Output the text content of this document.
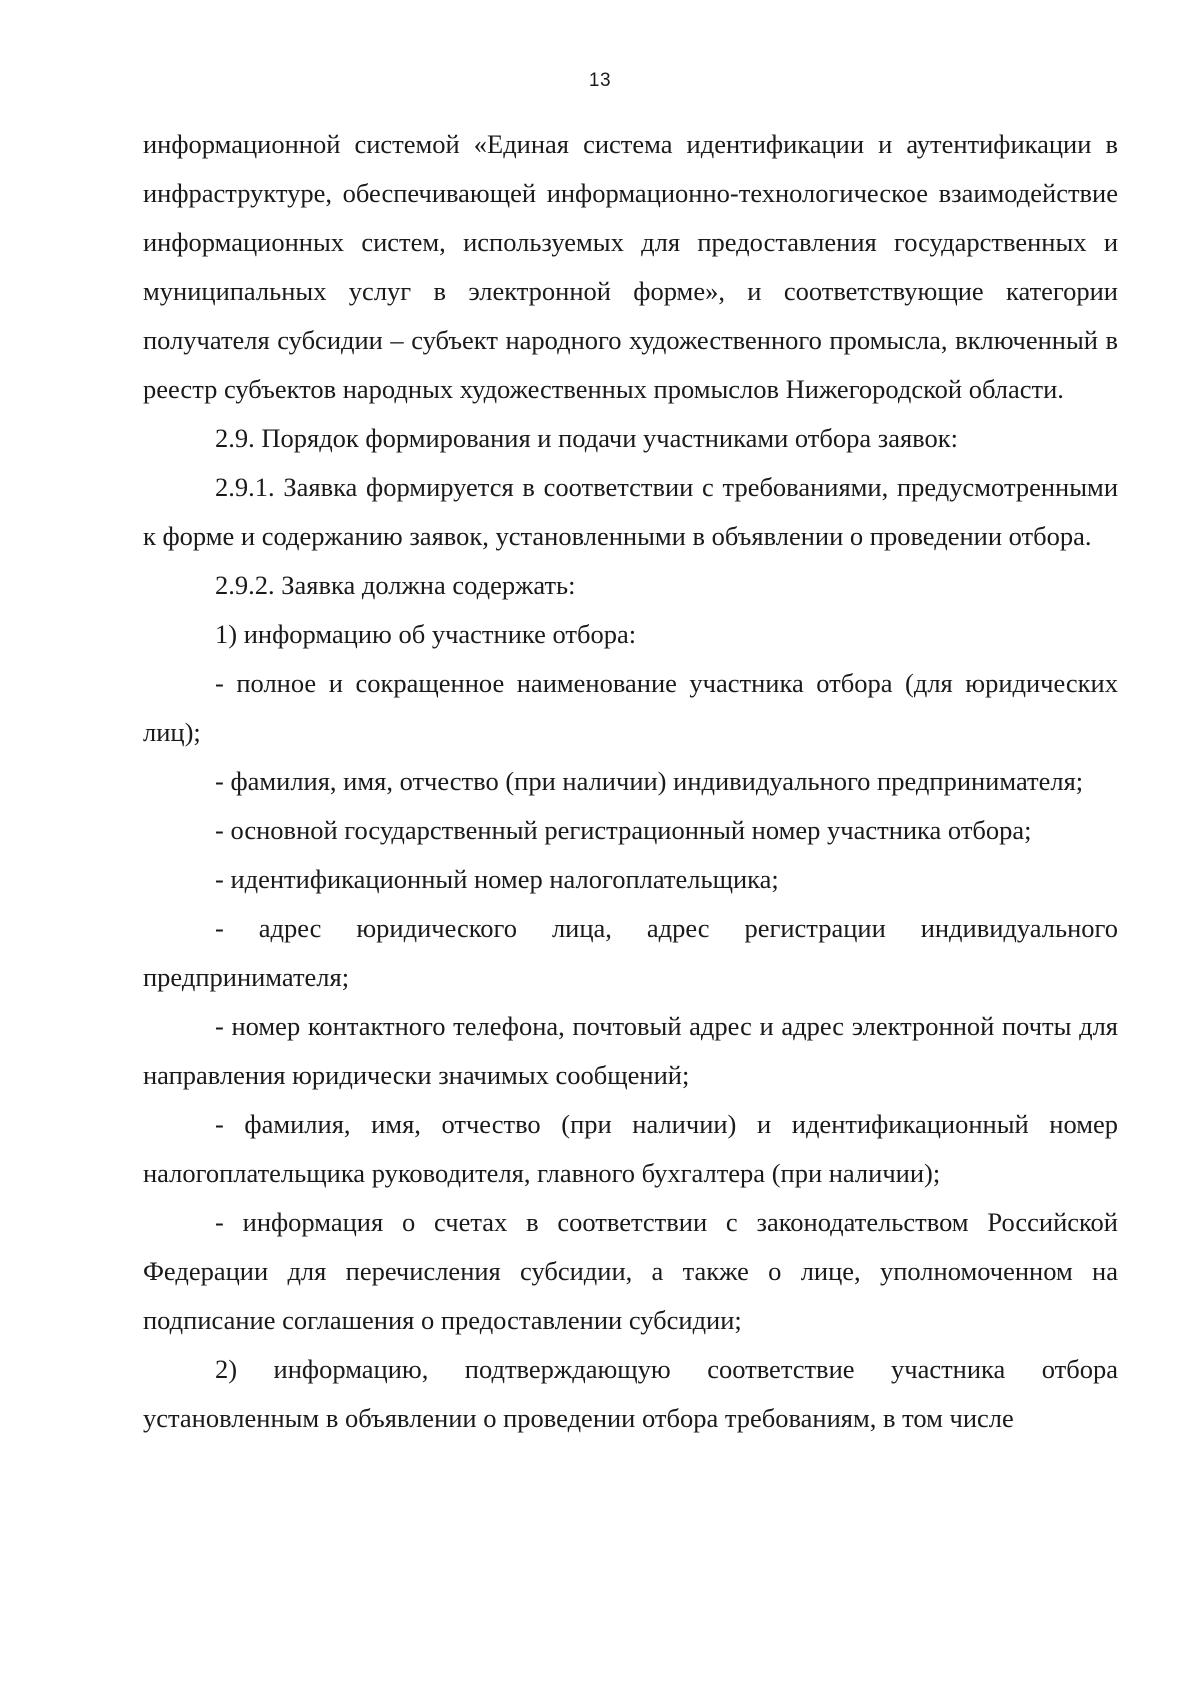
13

информационной системой «Единая система идентификации и аутентификации в инфраструктуре, обеспечивающей информационно-технологическое взаимодействие информационных систем, используемых для предоставления государственных и муниципальных услуг в электронной форме», и соответствующие категории получателя субсидии – субъект народного художественного промысла, включенный в реестр субъектов народных художественных промыслов Нижегородской области.

2.9. Порядок формирования и подачи участниками отбора заявок:

2.9.1. Заявка формируется в соответствии с требованиями, предусмотренными к форме и содержанию заявок, установленными в объявлении о проведении отбора.

2.9.2. Заявка должна содержать:

1) информацию об участнике отбора:

- полное и сокращенное наименование участника отбора (для юридических лиц);

- фамилия, имя, отчество (при наличии) индивидуального предпринимателя;

- основной государственный регистрационный номер участника отбора;

- идентификационный номер налогоплательщика;

- адрес юридического лица, адрес регистрации индивидуального предпринимателя;

- номер контактного телефона, почтовый адрес и адрес электронной почты для направления юридически значимых сообщений;

- фамилия, имя, отчество (при наличии) и идентификационный номер налогоплательщика руководителя, главного бухгалтера (при наличии);

- информация о счетах в соответствии с законодательством Российской Федерации для перечисления субсидии, а также о лице, уполномоченном на подписание соглашения о предоставлении субсидии;

2) информацию, подтверждающую соответствие участника отбора установленным в объявлении о проведении отбора требованиям, в том числе
